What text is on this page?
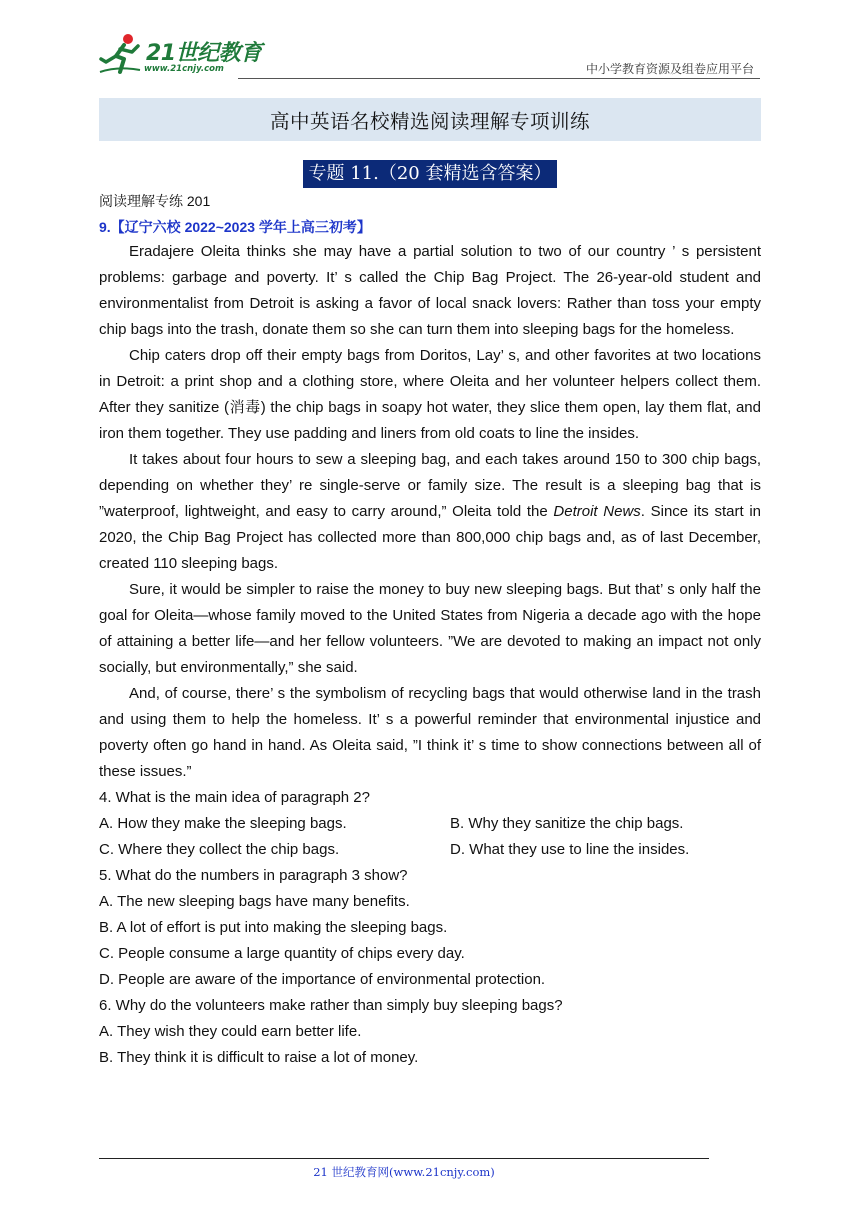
21世纪教育
www.21cnjy.com	中小学教育资源及组卷应用平台
高中英语名校精选阅读理解专项训练
专题 11.（20 套精选含答案）
阅读理解专练 201
9.【辽宁六校 2022~2023 学年上高三初考】

Eradajere Oleita thinks she may have a partial solution to two of our country ’ s persistent problems: garbage and poverty. It’ s called the Chip Bag Project. The 26-year-old student and environmentalist from Detroit is asking a favor of local snack lovers: Rather than toss your empty chip bags into the trash, donate them so she can turn them into sleeping bags for the homeless.

Chip caters drop off their empty bags from Doritos, Lay’ s, and other favorites at two locations in Detroit: a print shop and a clothing store, where Oleita and her volunteer helpers collect them. After they sanitize (消毒) the chip bags in soapy hot water, they slice them open, lay them flat, and iron them together. They use padding and liners from old coats to line the insides.

It takes about four hours to sew a sleeping bag, and each takes around 150 to 300 chip bags, depending on whether they’ re single-serve or family size. The result is a sleeping bag that is ”waterproof, lightweight, and easy to carry around,” Oleita told the Detroit News. Since its start in 2020, the Chip Bag Project has collected more than 800,000 chip bags and, as of last December, created 110 sleeping bags.

Sure, it would be simpler to raise the money to buy new sleeping bags. But that’ s only half the goal for Oleita—whose family moved to the United States from Nigeria a decade ago with the hope of attaining a better life—and her fellow volunteers. ”We are devoted to making an impact not only socially, but environmentally,” she said.

And, of course, there’ s the symbolism of recycling bags that would otherwise land in the trash and using them to help the homeless. It’ s a powerful reminder that environmental injustice and poverty often go hand in hand. As Oleita said, ”I think it’ s time to show connections between all of these issues.”

4. What is the main idea of paragraph 2?
A. How they make the sleeping bags.	B. Why they sanitize the chip bags.
C. Where they collect the chip bags.	D. What they use to line the insides.
5. What do the numbers in paragraph 3 show?
A. The new sleeping bags have many benefits.
B. A lot of effort is put into making the sleeping bags.
C. People consume a large quantity of chips every day.
D. People are aware of the importance of environmental protection.
6. Why do the volunteers make rather than simply buy sleeping bags?
A. They wish they could earn better life.
B. They think it is difficult to raise a lot of money.
21 世纪教育网(www.21cnjy.com)
